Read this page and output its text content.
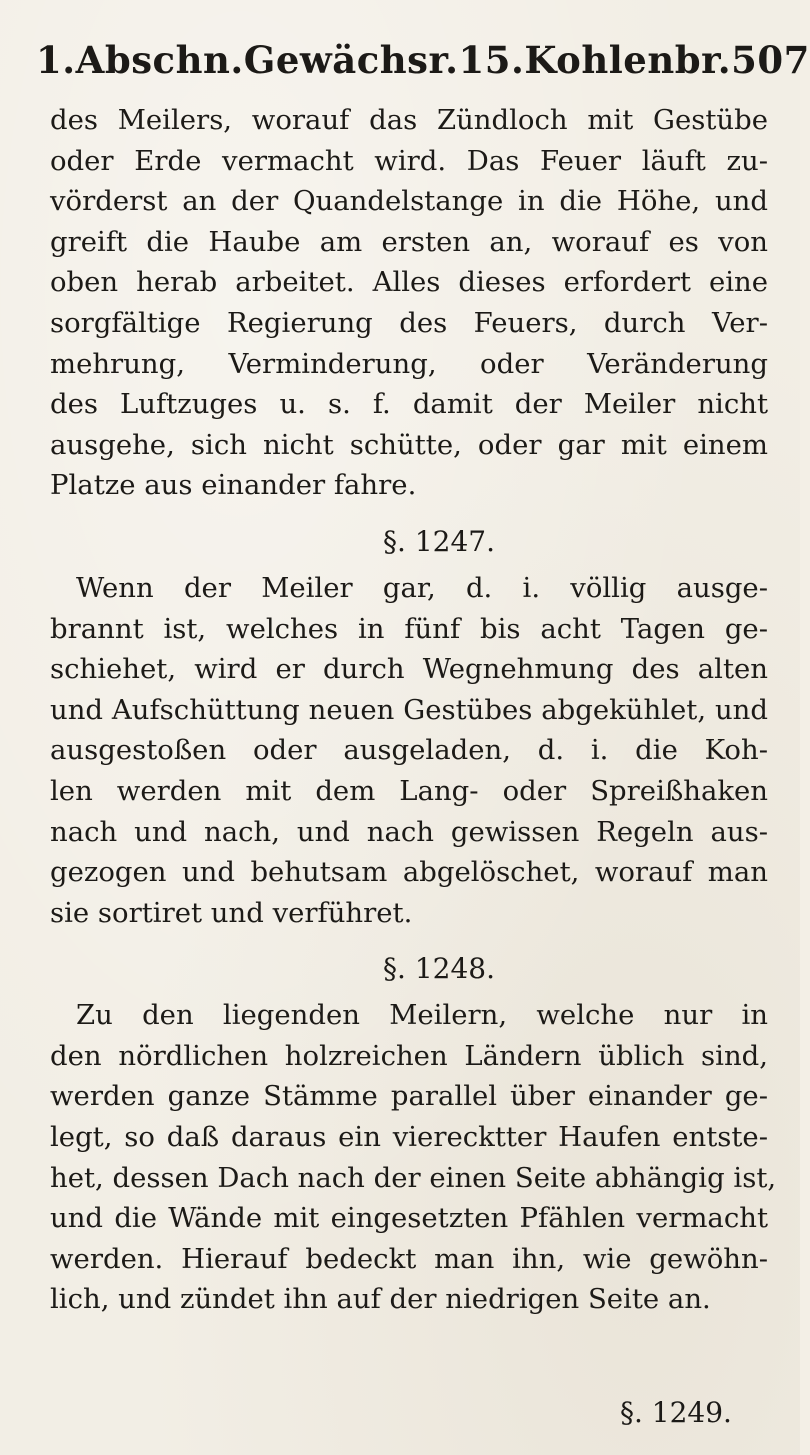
1.Abschn. Gewächsr. 15.Kohlenbr. 507
des Meilers, worauf das Zündloch mit Gestübe
oder Erde vermacht wird. Das Feuer läuft zu-
vörderst an der Quandelstange in die Höhe, und
greift die Haube am ersten an, worauf es von
oben herab arbeitet. Alles dieses erfordert eine
sorgfältige Regierung des Feuers, durch Ver-
mehrung, Verminderung, oder Veränderung
des Luftzuges u. s. f. damit der Meiler nicht
ausgehe, sich nicht schütte, oder gar mit einem
Platze aus einander fahre.
§. 1247.
Wenn der Meiler gar, d. i. völlig ausge-
brannt ist, welches in fünf bis acht Tagen ge-
schiehet, wird er durch Wegnehmung des alten
und Aufschüttung neuen Gestübes abgekühlet, und
ausgestoßen oder ausgeladen, d. i. die Koh-
len werden mit dem Lang- oder Spreißhaken
nach und nach, und nach gewissen Regeln aus-
gezogen und behutsam abgelöschet, worauf man
sie sortiret und verführet.
§. 1248.
Zu den liegenden Meilern, welche nur in
den nördlichen holzreichen Ländern üblich sind,
werden ganze Stämme parallel über einander ge-
legt, so daß daraus ein vierecktter Haufen entste-
het, dessen Dach nach der einen Seite abhängig ist,
und die Wände mit eingesetzten Pfählen vermacht
werden. Hierauf bedeckt man ihn, wie gewöhn-
lich, und zündet ihn auf der niedrigen Seite an.
§. 1249.
